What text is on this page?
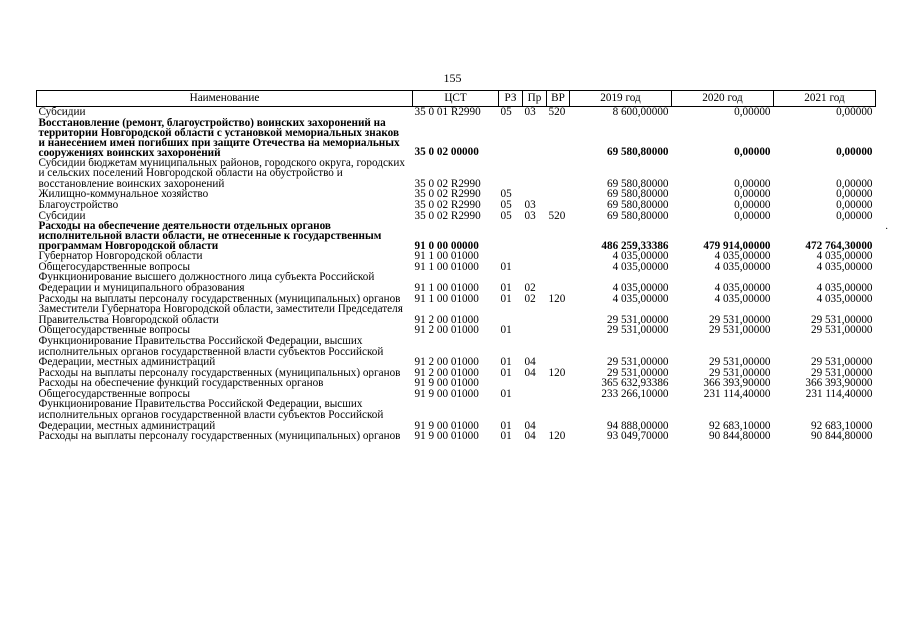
155
Наименование	ЦСТ	РЗ	Пр	ВР	2019 год	2020 год	2021 год
Субсидии	35 0 01 R2990	05	03	520	8 600,00000	0,00000	0,00000
Восстановление (ремонт, благоустройство) воинских захоронений на территории Новгородской области с установкой мемориальных знаков и нанесением имен погибших при защите Отечества на мемориальных сооружениях воинских захоронений	35 0 02 00000				69 580,80000	0,00000	0,00000
Субсидии бюджетам муниципальных районов, городского округа, городских и сельских поселений Новгородской области на обустройство и восстановление воинских захоронений	35 0 02 R2990				69 580,80000	0,00000	0,00000
Жилищно-коммунальное хозяйство	35 0 02 R2990	05			69 580,80000	0,00000	0,00000
Благоустройство	35 0 02 R2990	05	03		69 580,80000	0,00000	0,00000
Субсидии	35 0 02 R2990	05	03	520	69 580,80000	0,00000	0,00000
Расходы на обеспечение деятельности отдельных органов исполнительной власти области, не отнесенные к государственным программам Новгородской области	91 0 00 00000				486 259,33386	479 914,00000	472 764,30000
Губернатор Новгородской области	91 1 00 01000				4 035,00000	4 035,00000	4 035,00000
Общегосударственные вопросы	91 1 00 01000	01			4 035,00000	4 035,00000	4 035,00000
Функционирование высшего должностного лица субъекта Российской Федерации и муниципального образования	91 1 00 01000	01	02		4 035,00000	4 035,00000	4 035,00000
Расходы на выплаты персоналу государственных (муниципальных) органов	91 1 00 01000	01	02	120	4 035,00000	4 035,00000	4 035,00000
Заместители Губернатора Новгородской области, заместители Председателя Правительства Новгородской области	91 2 00 01000				29 531,00000	29 531,00000	29 531,00000
Общегосударственные вопросы	91 2 00 01000	01			29 531,00000	29 531,00000	29 531,00000
Функционирование Правительства Российской Федерации, высших исполнительных органов государственной власти субъектов Российской Федерации, местных администраций	91 2 00 01000	01	04		29 531,00000	29 531,00000	29 531,00000
Расходы на выплаты персоналу государственных (муниципальных) органов	91 2 00 01000	01	04	120	29 531,00000	29 531,00000	29 531,00000
Расходы на обеспечение функций государственных органов	91 9 00 01000				365 632,93386	366 393,90000	366 393,90000
Общегосударственные вопросы	91 9 00 01000	01			233 266,10000	231 114,40000	231 114,40000
Функционирование Правительства Российской Федерации, высших исполнительных органов государственной власти субъектов Российской Федерации, местных администраций	91 9 00 01000	01	04		94 888,00000	92 683,10000	92 683,10000
Расходы на выплаты персоналу государственных (муниципальных) органов	91 9 00 01000	01	04	120	93 049,70000	90 844,80000	90 844,80000
·
